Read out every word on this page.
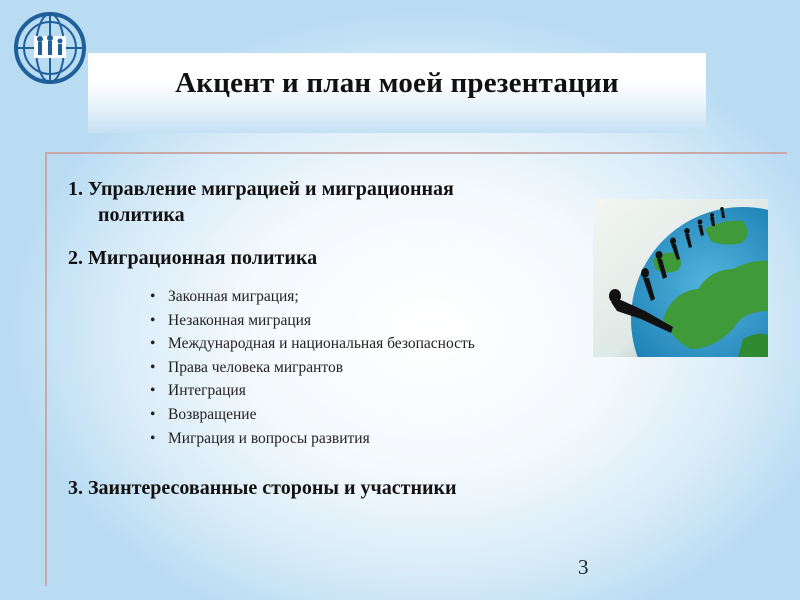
Акцент и план моей презентации
1. Управление миграцией и миграционная
политика
2. Миграционная политика
• Законная миграция;
• Незаконная миграция
• Международная и национальная безопасность
• Права человека мигрантов
• Интеграция
• Возвращение
• Миграция и вопросы развития
3. Заинтересованные стороны и участники
3
